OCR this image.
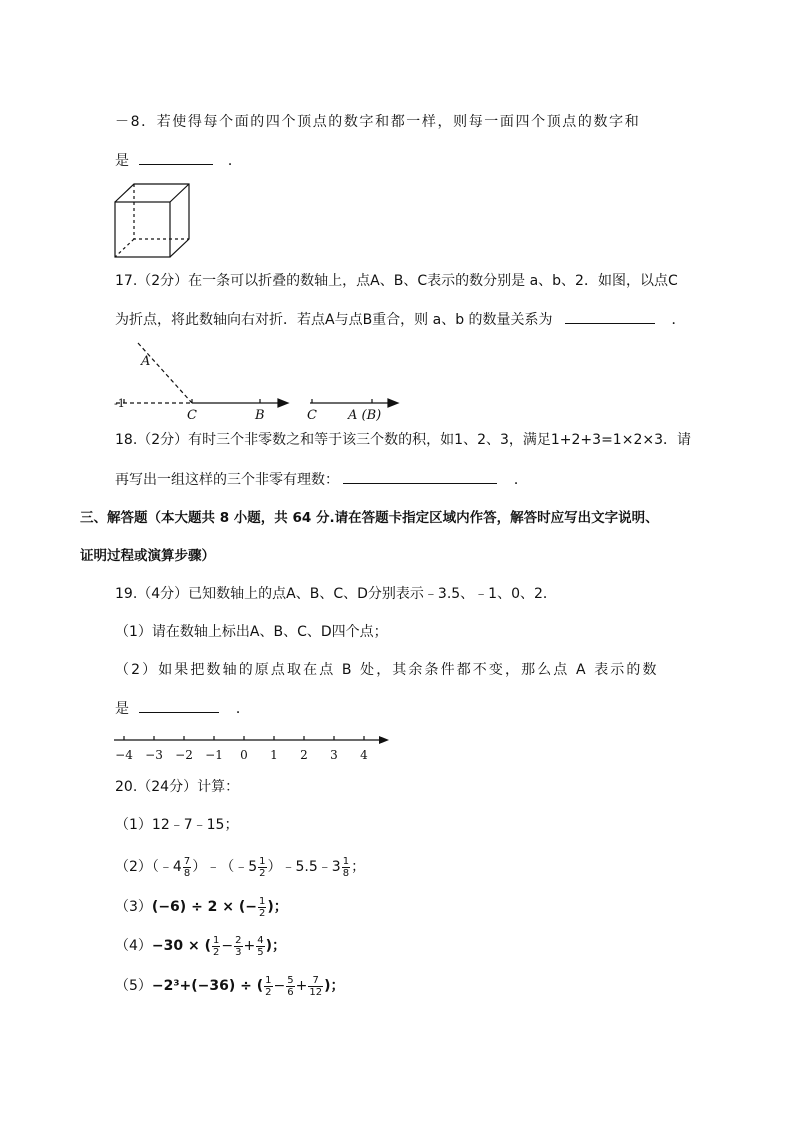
－8．若使得每个面的四个顶点的数字和都一样，则每一面四个顶点的数字和
是	．
17.（2分）在一条可以折叠的数轴上，点A、B、C表示的数分别是 a、b、2．如图，以点C
为折点，将此数轴向右对折．若点A与点B重合，则 a、b 的数量关系为	．
A
-1
C	B	C A (B)
18.（2分）有时三个非零数之和等于该三个数的积，如1、2、3，满足1+2+3=1×2×3．请
再写出一组这样的三个非零有理数：	．
三、解答题（本大题共 8 小题，共 64 分.请在答题卡指定区域内作答，解答时应写出文字说明、
证明过程或演算步骤）
19.（4分）已知数轴上的点A、B、C、D分别表示﹣3.5、﹣1、0、2．
（1）请在数轴上标出A、B、C、D四个点；
（2）如果把数轴的原点取在点 B 处，其余条件都不变，那么点 A 表示的数
是	．
−4 −3 −2 −1 0 1 2 3 4
20.（24分）计算：
（1）12﹣7﹣15；
（2）（﹣4 $\frac{7}{8}$ ）﹣（﹣5 $\frac{1}{2}$ ）﹣5.5﹣3 $\frac{1}{8}$ ；
（3）(−6) ÷ 2 × (− $\frac{1}{2}$ )；
（4）−30 × ( $\frac{1}{2} - \frac{2}{3} + \frac{4}{5}$ )；
（5）−2³+(−36) ÷ ( $\frac{1}{2} - \frac{5}{6} + \frac{7}{12}$ )；
